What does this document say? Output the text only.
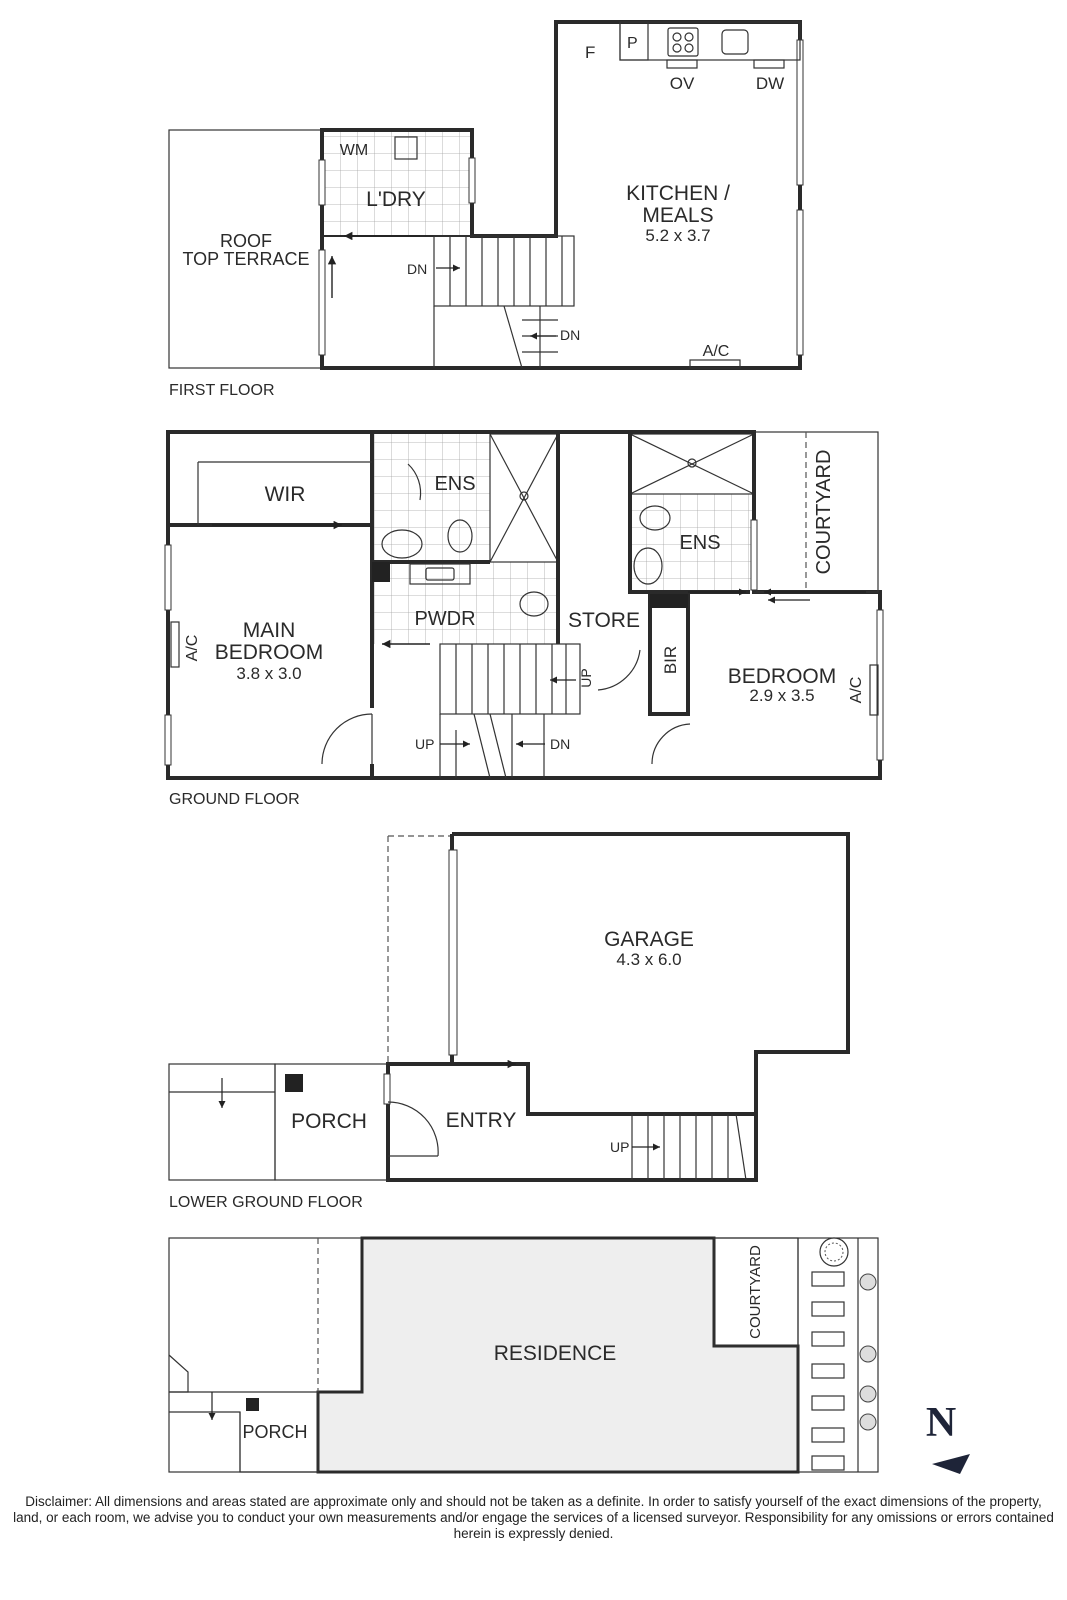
F P
OV	DW
WM
L'DRY
ROOF
TOP TERRACE
KITCHEN /
MEALS
5.2 x 3.7
DN
DN
A/C
FIRST FLOOR
WIR	ENS
ENS
MAIN
BEDROOM
3.8 x 3.0
PWDR	STORE
BEDROOM
2.9 x 3.5
COURTYARD
BIR
A/C
A/C
UP
UP	DN
GROUND FLOOR
GARAGE
4.3 x 6.0
PORCH	ENTRY
UP
LOWER GROUND FLOOR
RESIDENCE
PORCH
COURTYARD
N

Disclaimer: All dimensions and areas stated are approximate only and should not be taken as a definite. In order to satisfy yourself of the exact dimensions of the property, land, or each room, we advise you to conduct your own measurements and/or engage the services of a licensed surveyor. Responsibility for any omissions or errors contained herein is expressly denied.
